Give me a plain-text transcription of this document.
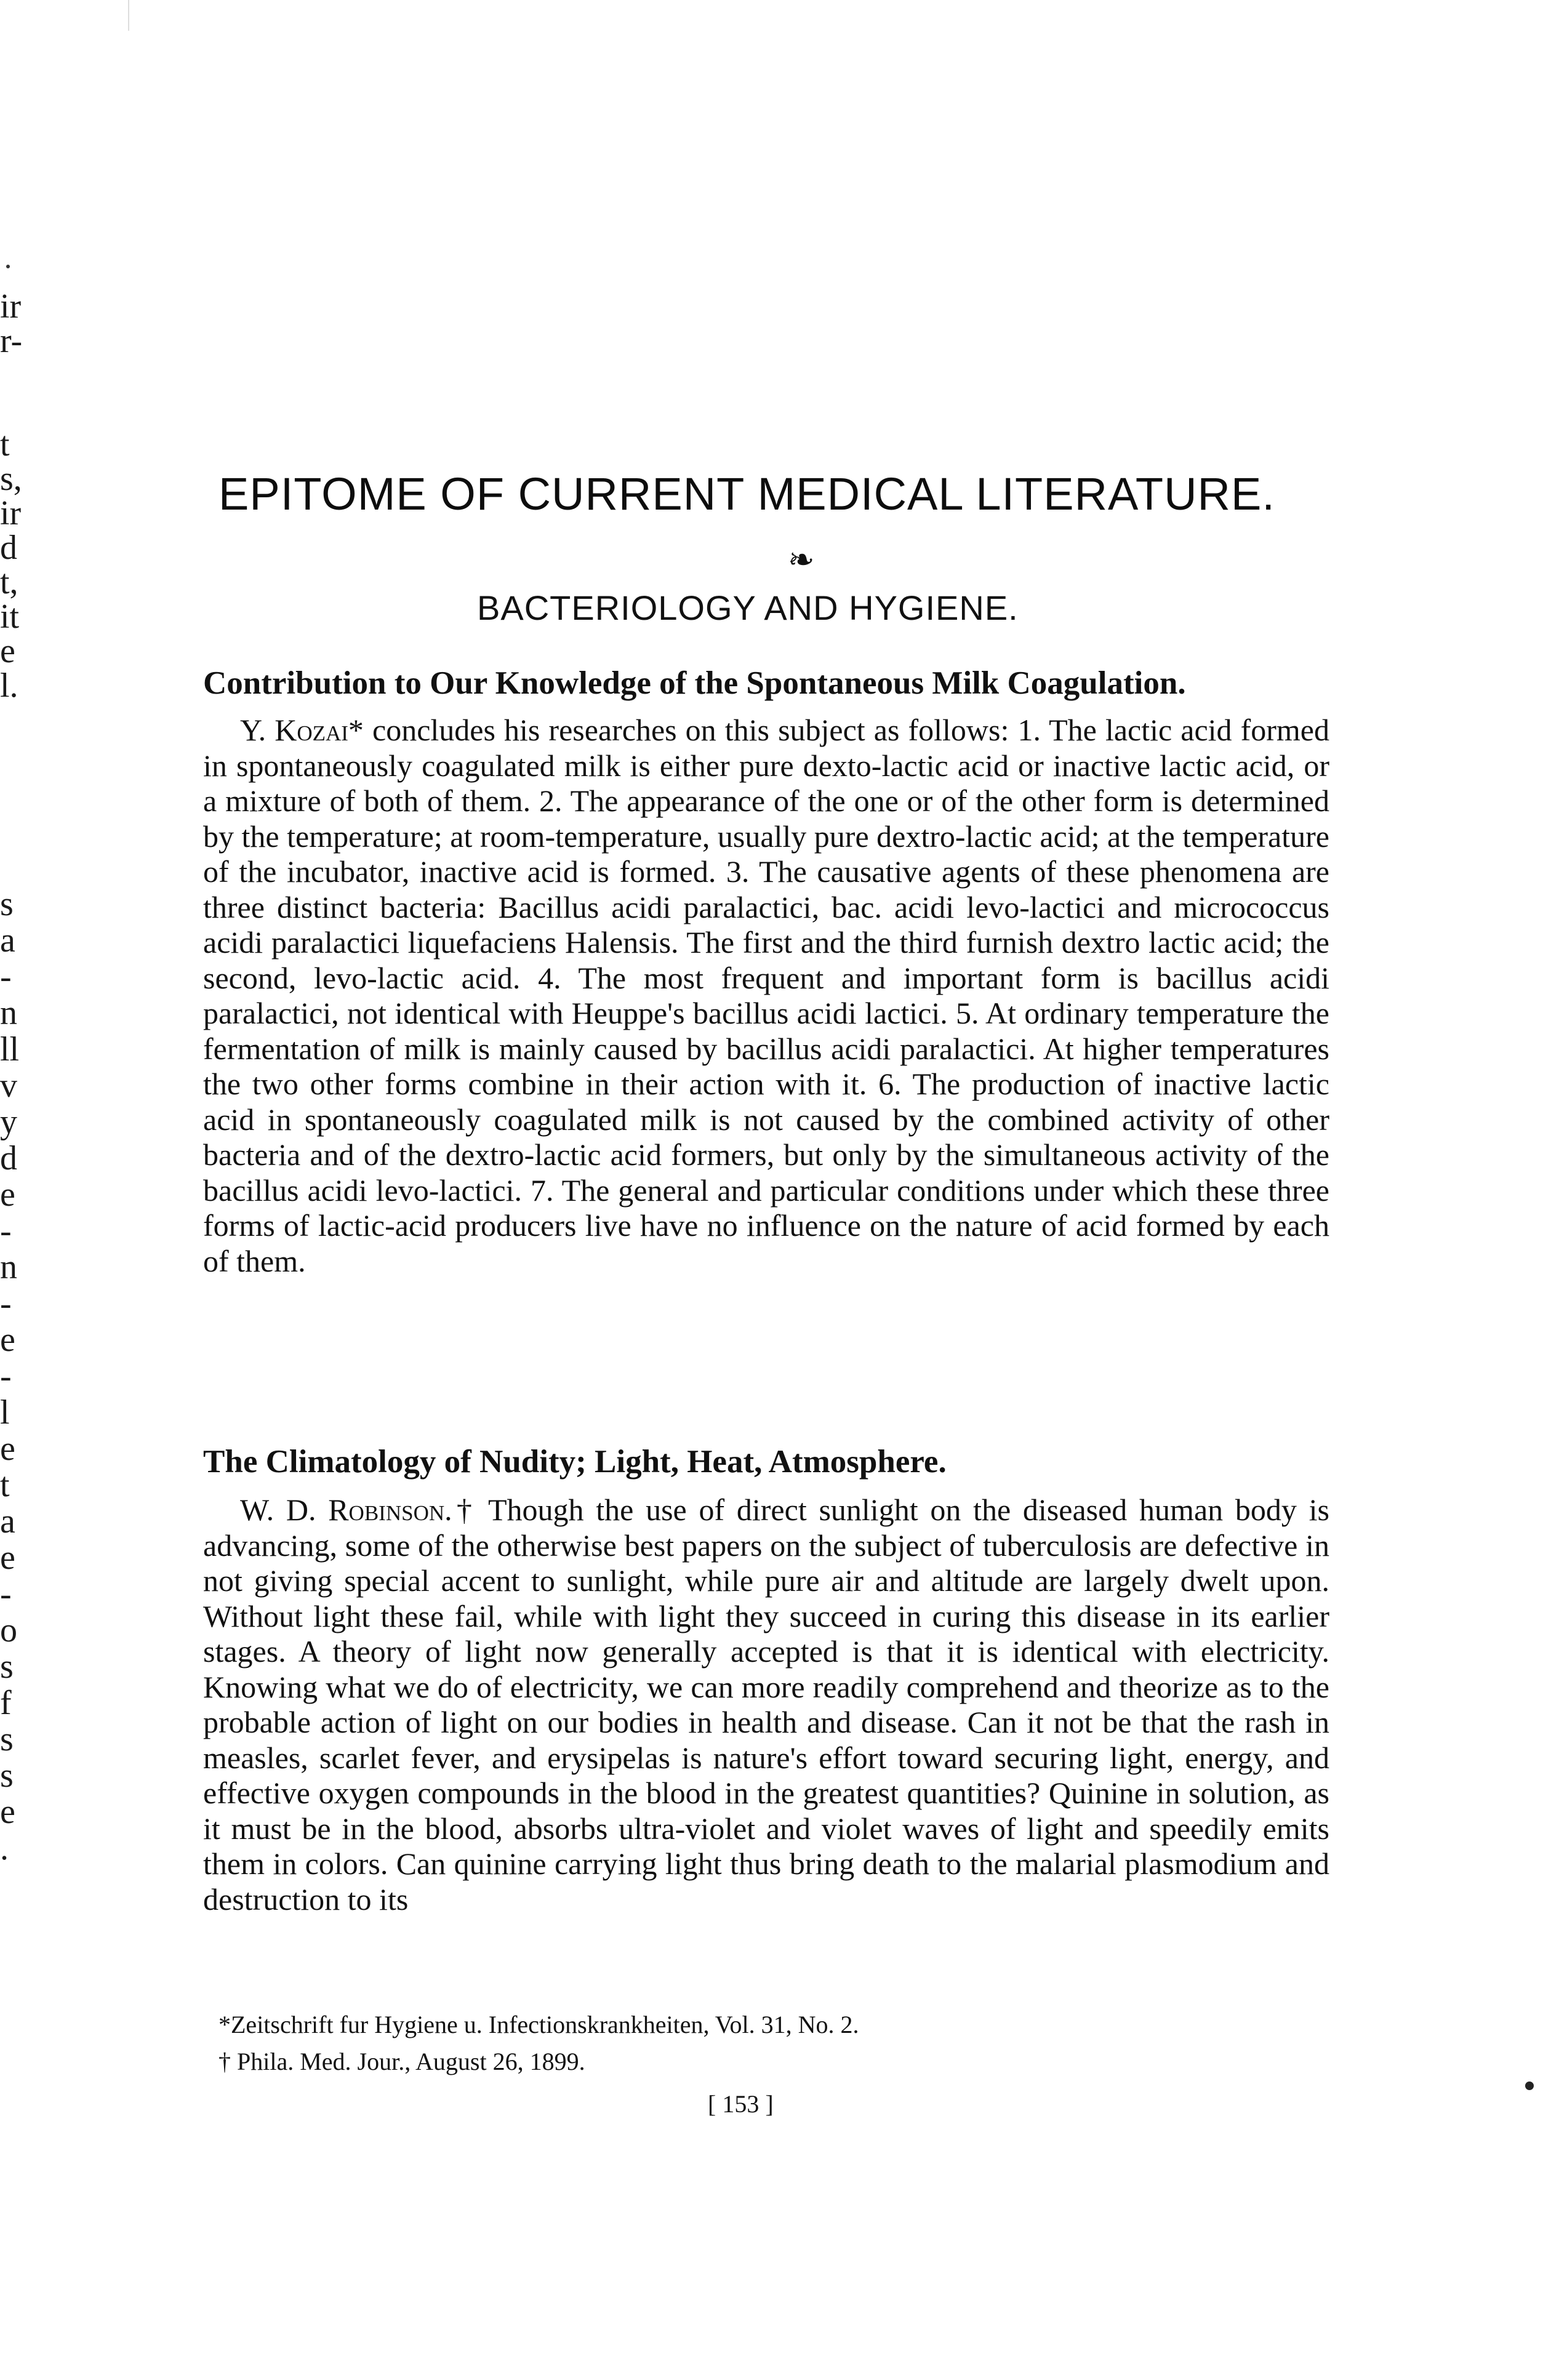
ir
r-
t
s,
ir
d
t,
it
e
l.
s
a
-
n
ll
v
y
d
e
-
n
-
e
-
l
e
t
a
e
-
o
s
f
s
s
e
.
EPITOME OF CURRENT MEDICAL LITERATURE.
❧
BACTERIOLOGY AND HYGIENE.
Contribution to Our Knowledge of the Spontaneous Milk Coagulation.
Y. Kozai* concludes his researches on this subject as follows: 1. The lactic acid formed in spontaneously coagulated milk is either pure dexto-lactic acid or inactive lactic acid, or a mixture of both of them. 2. The appearance of the one or of the other form is determined by the temperature; at room-temperature, usually pure dextro-lactic acid; at the temperature of the incubator, inactive acid is formed. 3. The causative agents of these phenomena are three distinct bacteria: Bacillus acidi paralactici, bac. acidi levo-lactici and micrococcus acidi paralactici liquefaciens Halensis. The first and the third furnish dextro lactic acid; the second, levo-lactic acid. 4. The most frequent and important form is bacillus acidi paralactici, not identical with Heuppe's bacillus acidi lactici. 5. At ordinary temperature the fermentation of milk is mainly caused by bacillus acidi paralactici. At higher temperatures the two other forms combine in their action with it. 6. The production of inactive lactic acid in spontaneously coagulated milk is not caused by the combined activity of other bacteria and of the dextro-lactic acid formers, but only by the simultaneous activity of the bacillus acidi levo-lactici. 7. The general and particular conditions under which these three forms of lactic-acid producers live have no influence on the nature of acid formed by each of them.
The Climatology of Nudity; Light, Heat, Atmosphere.
W. D. Robinson.† Though the use of direct sunlight on the diseased human body is advancing, some of the otherwise best papers on the subject of tuberculosis are defective in not giving special accent to sunlight, while pure air and altitude are largely dwelt upon. Without light these fail, while with light they succeed in curing this disease in its earlier stages. A theory of light now generally accepted is that it is identical with electricity. Knowing what we do of electricity, we can more readily comprehend and theorize as to the probable action of light on our bodies in health and disease. Can it not be that the rash in measles, scarlet fever, and erysipelas is nature's effort toward securing light, energy, and effective oxygen compounds in the blood in the greatest quantities? Quinine in solution, as it must be in the blood, absorbs ultra-violet and violet waves of light and speedily emits them in colors. Can quinine carrying light thus bring death to the malarial plasmodium and destruction to its
*Zeitschrift fur Hygiene u. Infectionskrankheiten, Vol. 31, No. 2.
† Phila. Med. Jour., August 26, 1899.
[ 153 ]
